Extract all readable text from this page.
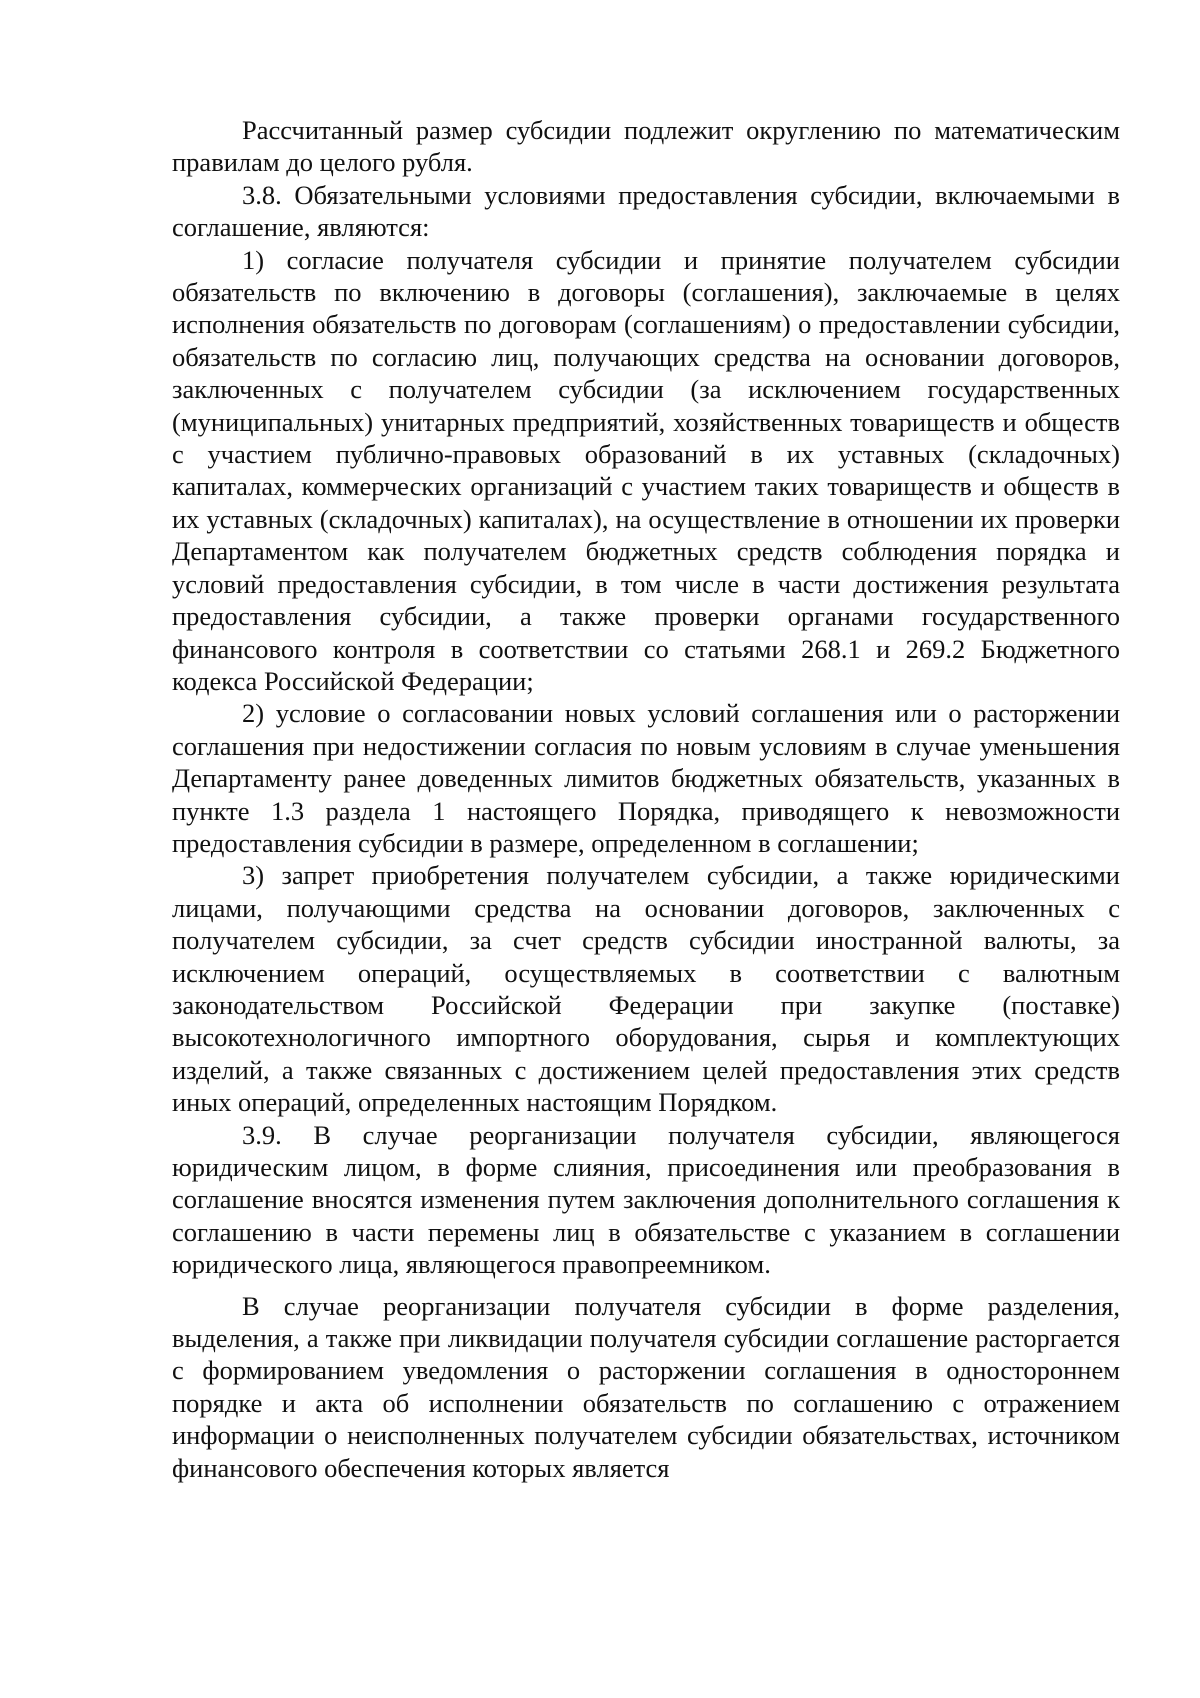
Рассчитанный размер субсидии подлежит округлению по математическим правилам до целого рубля.

3.8. Обязательными условиями предоставления субсидии, включаемыми в соглашение, являются:

1) согласие получателя субсидии и принятие получателем субсидии обязательств по включению в договоры (соглашения), заключаемые в целях исполнения обязательств по договорам (соглашениям) о предоставлении субсидии, обязательств по согласию лиц, получающих средства на основании договоров, заключенных с получателем субсидии (за исключением государственных (муниципальных) унитарных предприятий, хозяйственных товариществ и обществ с участием публично-правовых образований в их уставных (складочных) капиталах, коммерческих организаций с участием таких товариществ и обществ в их уставных (складочных) капиталах), на осуществление в отношении их проверки Департаментом как получателем бюджетных средств соблюдения порядка и условий предоставления субсидии, в том числе в части достижения результата предоставления субсидии, а также проверки органами государственного финансового контроля в соответствии со статьями 268.1 и 269.2 Бюджетного кодекса Российской Федерации;

2) условие о согласовании новых условий соглашения или о расторжении соглашения при недостижении согласия по новым условиям в случае уменьшения Департаменту ранее доведенных лимитов бюджетных обязательств, указанных в пункте 1.3 раздела 1 настоящего Порядка, приводящего к невозможности предоставления субсидии в размере, определенном в соглашении;

3) запрет приобретения получателем субсидии, а также юридическими лицами, получающими средства на основании договоров, заключенных с получателем субсидии, за счет средств субсидии иностранной валюты, за исключением операций, осуществляемых в соответствии с валютным законодательством Российской Федерации при закупке (поставке) высокотехнологичного импортного оборудования, сырья и комплектующих изделий, а также связанных с достижением целей предоставления этих средств иных операций, определенных настоящим Порядком.

3.9. В случае реорганизации получателя субсидии, являющегося юридическим лицом, в форме слияния, присоединения или преобразования в соглашение вносятся изменения путем заключения дополнительного соглашения к соглашению в части перемены лиц в обязательстве с указанием в соглашении юридического лица, являющегося правопреемником.

В случае реорганизации получателя субсидии в форме разделения, выделения, а также при ликвидации получателя субсидии соглашение расторгается с формированием уведомления о расторжении соглашения в одностороннем порядке и акта об исполнении обязательств по соглашению с отражением информации о неисполненных получателем субсидии обязательствах, источником финансового обеспечения которых является
